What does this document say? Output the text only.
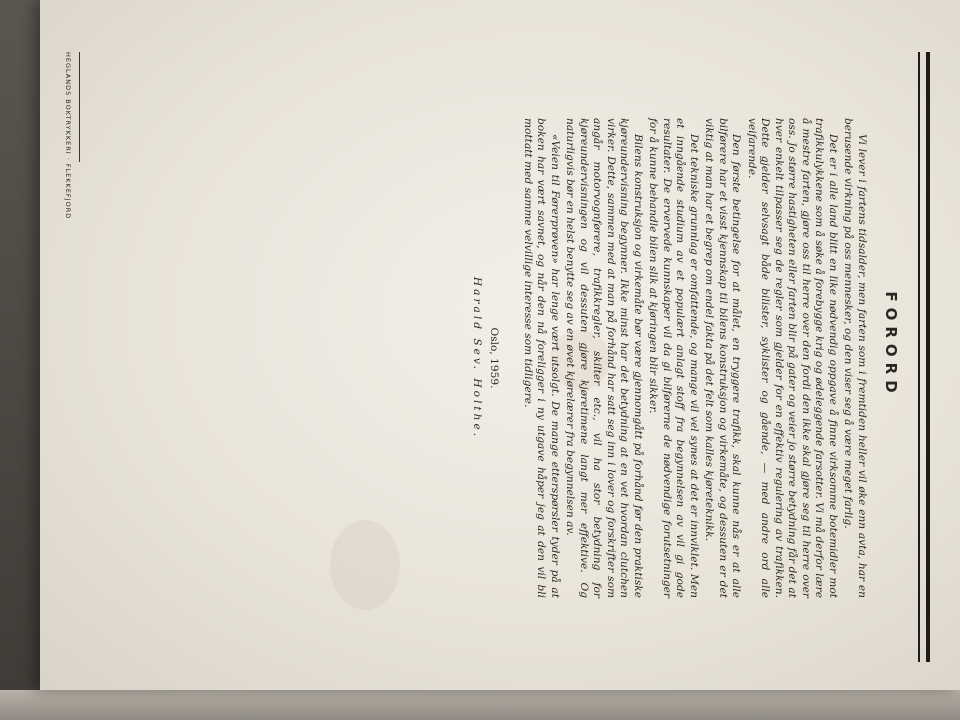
FORORD

Vi lever i fartens tidsalder, men farten som i fremtiden heller vil øke enn avta, har en berusende virkning på oss mennesker, og den viser seg å være meget farlig.

Det er i alle land blitt en like nødvendig oppgave å finne virksomme botemidler mot trafikkulykkene som å søke å forebygge krig og ødeleggende farsotter. Vi må derfor lære å mestre farten, gjøre oss til herre over den fordi den ikke skal gjøre seg til herre over oss. Jo større hastigheten eller farten blir på gater og veier jo større betydning får det at hver enkelt tilpasser seg de regler som gjelder for en effektiv regulering av trafikken. Dette gjelder selvsagt både bilister, syklister og gående, — med andre ord alle veifarende.

Den første betingelse for at målet, en tryggere trafikk, skal kunne nås er at alle bilførere har et visst kjennskap til bilens konstruksjon og virkemåte, og dessuten er det viktig at man har et begrep om endel fakta på det felt som kalles kjøreteknikk.

Det tekniske grunnlag er omfattende, og mange vil vel synes at det er innviklet. Men et inngående studium av et populært anlagt stoff fra begynnelsen av vil gi gode resultater. De ervervede kunnskaper vil da gi bilførerne de nødvendige forutsetninger for å kunne behandle bilen slik at kjøringen blir sikker.

Bilens konstruksjon og virkemåte bør være gjennomgått på forhånd før den praktiske kjøreundervisning begynner. Ikke minst har det betydning at en vet hvordan clutchen virker. Dette, sammen med at man på forhånd har satt seg inn i lover og forskrifter som angår motorvognførere, trafikkregler, skilter etc., vil ha stor betydning for kjøreundervisningen og vil dessuten gjøre kjøretimene langt mer effektive. Og naturligvis bør en helst benytte seg av en øvet kjørelærer fra begynnelsen av.

«Veien til Førerprøven» har lenge vært utsolgt. De mange etterspørsler tyder på at boken har vært savnet, og når den nå foreligger i ny utgave håper jeg at den vil bli mottatt med samme velvillige interesse som tidligere.

Oslo, 1959.
Harald Sev. Holthe.
HEGLANDS BOKTRYKKERI · FLEKKEFJORD
